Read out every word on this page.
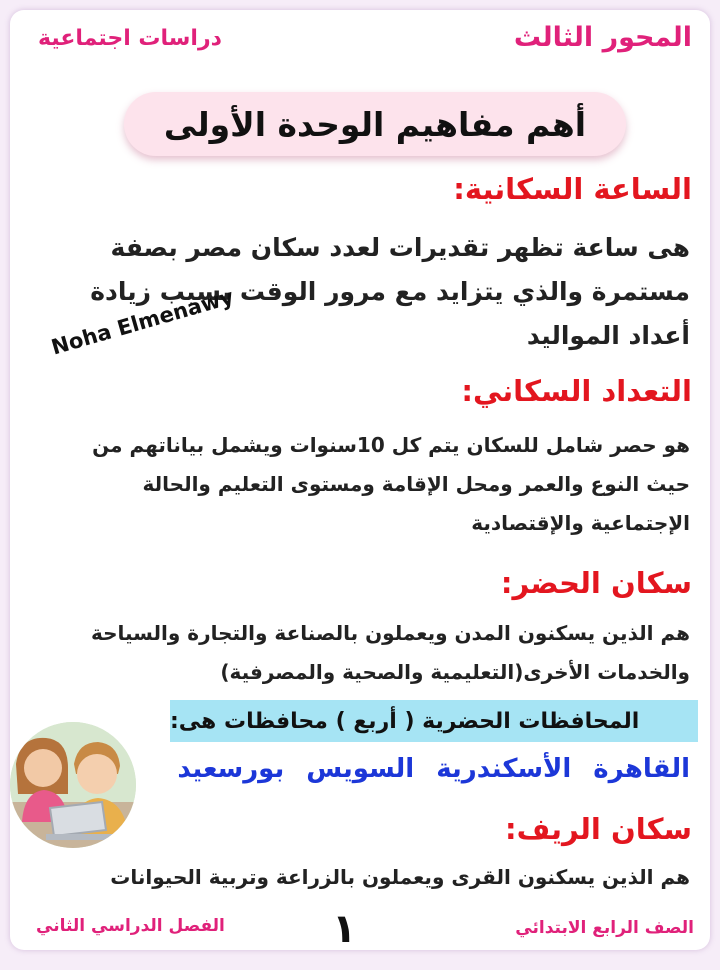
المحور الثالث
دراسات اجتماعية
أهم مفاهيم الوحدة الأولى
الساعة السكانية:
هى ساعة تظهر تقديرات لعدد سكان مصر بصفة
مستمرة والذي يتزايد مع مرور الوقت بسبب زيادة
أعداد المواليد
Noha Elmenawy
التعداد السكاني:
هو حصر شامل للسكان يتم كل 10سنوات ويشمل بياناتهم من
حيث النوع والعمر ومحل الإقامة ومستوى التعليم والحالة
الإجتماعية والإقتصادية
سكان الحضر:
هم الذين يسكنون المدن ويعملون بالصناعة والتجارة والسياحة
والخدمات الأخرى(التعليمية والصحية والمصرفية)
المحافظات الحضرية ( أربع ) محافظات هى:
القاهرة
الأسكندرية
السويس
بورسعيد
سكان الريف:
هم الذين يسكنون القرى ويعملون بالزراعة وتربية الحيوانات
الصف الرابع الابتدائي
١
الفصل الدراسي الثاني
